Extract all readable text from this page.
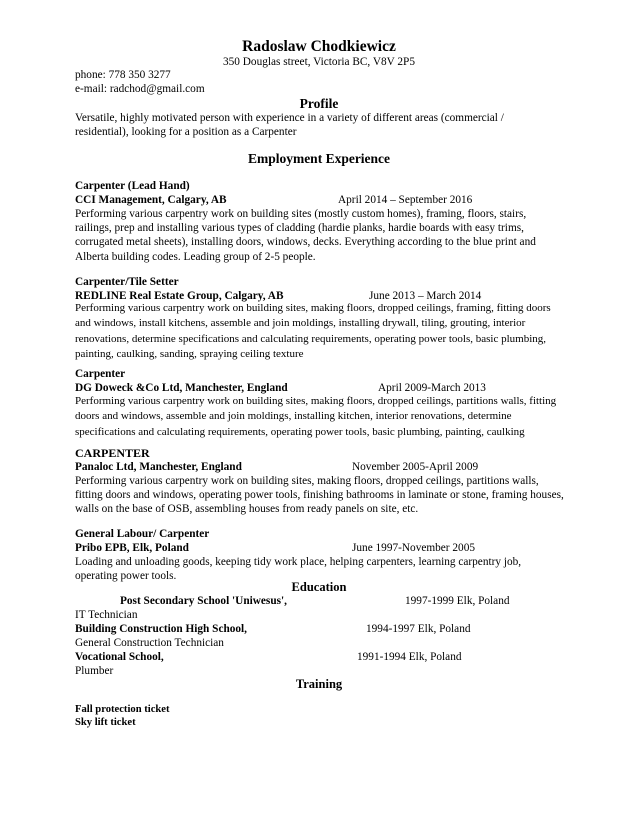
Radoslaw Chodkiewicz
350 Douglas street, Victoria BC, V8V 2P5
phone: 778 350 3277
e-mail: radchod@gmail.com
Profile
Versatile, highly motivated person with experience in a variety of different areas (commercial /
residential), looking for a position as a Carpenter
Employment Experience
Carpenter (Lead Hand)
CCI Management, Calgary, AB	April 2014 – September 2016
Performing various carpentry work on building sites (mostly custom homes), framing, floors, stairs, railings, prep and installing various types of cladding (hardie planks, hardie boards with easy trims, corrugated metal sheets), installing doors, windows, decks. Everything according to the blue print and Alberta building codes. Leading group of 2-5 people.
Carpenter/Tile Setter
REDLINE Real Estate Group, Calgary, AB	June 2013 – March 2014
Performing various carpentry work on building sites, making floors, dropped ceilings, framing, fitting doors and windows, install kitchens, assemble and join moldings, installing drywall, tiling, grouting, interior renovations, determine specifications and calculating requirements, operating power tools, basic plumbing, painting, caulking, sanding, spraying ceiling texture
Carpenter
DG Doweck &Co Ltd, Manchester, England	April 2009-March 2013
Performing various carpentry work on building sites, making floors, dropped ceilings, partitions walls, fitting doors and windows, assemble and join moldings, installing kitchen, interior renovations, determine specifications and calculating requirements, operating power tools, basic plumbing, painting, caulking
CARPENTER
Panaloc Ltd, Manchester, England	November 2005-April 2009
Performing various carpentry work on building sites, making floors, dropped ceilings, partitions walls, fitting doors and windows, operating power tools, finishing bathrooms in laminate or stone, framing houses, walls on the base of OSB, assembling houses from ready panels on site, etc.
General Labour/ Carpenter
Pribo EPB, Elk, Poland	June 1997-November 2005
Loading and unloading goods, keeping tidy work place, helping carpenters, learning carpentry job, operating power tools.
Education
Post Secondary School 'Uniwesus',	1997-1999 Elk, Poland
IT Technician
Building Construction High School,	1994-1997 Elk, Poland
General Construction Technician
Vocational School,	1991-1994 Elk, Poland
Plumber
Training
Fall protection ticket
Sky lift ticket
